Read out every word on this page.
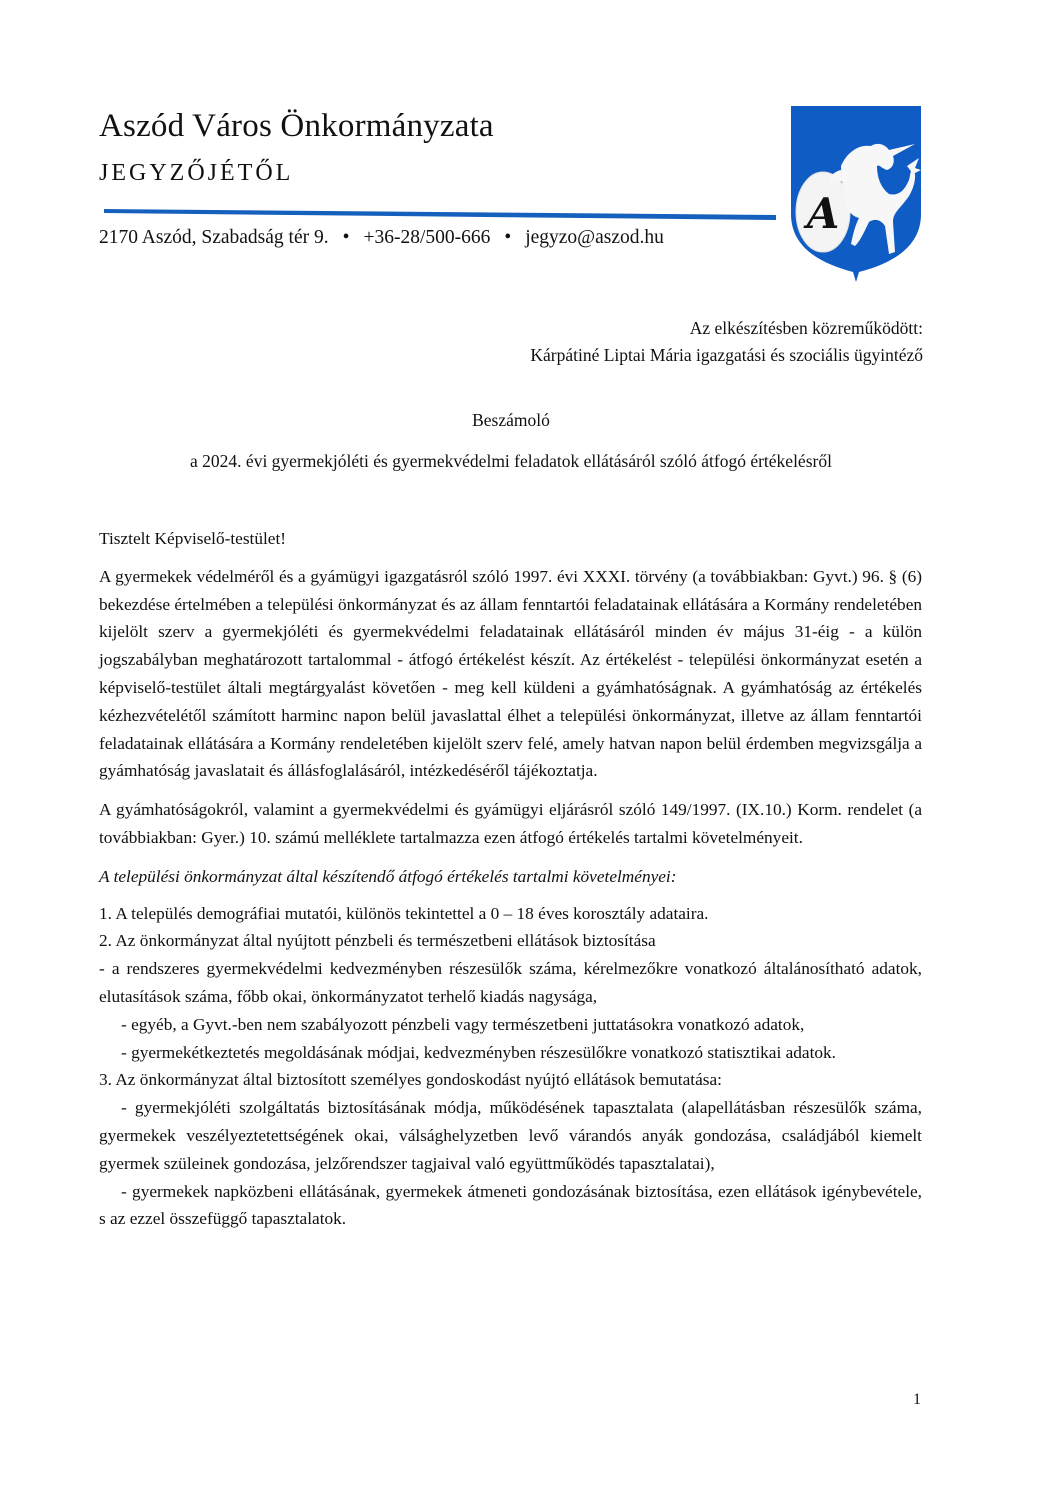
Aszód Város Önkormányzata
JEGYZŐJÉTŐL
2170 Aszód, Szabadság tér 9. • +36-28/500-666 • jegyzo@aszod.hu	A
Az elkészítésben közreműködött:
Kárpátiné Liptai Mária igazgatási és szociális ügyintéző
Beszámoló
a 2024. évi gyermekjóléti és gyermekvédelmi feladatok ellátásáról szóló átfogó értékelésről

Tisztelt Képviselő-testület!

A gyermekek védelméről és a gyámügyi igazgatásról szóló 1997. évi XXXI. törvény (a továbbiakban: Gyvt.) 96. § (6) bekezdése értelmében a települési önkormányzat és az állam fenntartói feladatainak ellátására a Kormány rendeletében kijelölt szerv a gyermekjóléti és gyermekvédelmi feladatainak ellátásáról minden év május 31-éig - a külön jogszabályban meghatározott tartalommal - átfogó értékelést készít. Az értékelést - települési önkormányzat esetén a képviselő-testület általi megtárgyalást követően - meg kell küldeni a gyámhatóságnak. A gyámhatóság az értékelés kézhezvételétől számított harminc napon belül javaslattal élhet a települési önkormányzat, illetve az állam fenntartói feladatainak ellátására a Kormány rendeletében kijelölt szerv felé, amely hatvan napon belül érdemben megvizsgálja a gyámhatóság javaslatait és állásfoglalásáról, intézkedéséről tájékoztatja.

A gyámhatóságokról, valamint a gyermekvédelmi és gyámügyi eljárásról szóló 149/1997. (IX.10.) Korm. rendelet (a továbbiakban: Gyer.) 10. számú melléklete tartalmazza ezen átfogó értékelés tartalmi követelményeit.

A települési önkormányzat által készítendő átfogó értékelés tartalmi követelményei:

1. A település demográfiai mutatói, különös tekintettel a 0 – 18 éves korosztály adataira.
2. Az önkormányzat által nyújtott pénzbeli és természetbeni ellátások biztosítása
- a rendszeres gyermekvédelmi kedvezményben részesülők száma, kérelmezőkre vonatkozó általánosítható adatok, elutasítások száma, főbb okai, önkormányzatot terhelő kiadás nagysága,
- egyéb, a Gyvt.-ben nem szabályozott pénzbeli vagy természetbeni juttatásokra vonatkozó adatok,
- gyermekétkeztetés megoldásának módjai, kedvezményben részesülőkre vonatkozó statisztikai adatok.
3. Az önkormányzat által biztosított személyes gondoskodást nyújtó ellátások bemutatása:
- gyermekjóléti szolgáltatás biztosításának módja, működésének tapasztalata (alapellátásban részesülők száma, gyermekek veszélyeztetettségének okai, válsághelyzetben levő várandós anyák gondozása, családjából kiemelt gyermek szüleinek gondozása, jelzőrendszer tagjaival való együttműködés tapasztalatai),
- gyermekek napközbeni ellátásának, gyermekek átmeneti gondozásának biztosítása, ezen ellátások igénybevétele, s az ezzel összefüggő tapasztalatok.
1
